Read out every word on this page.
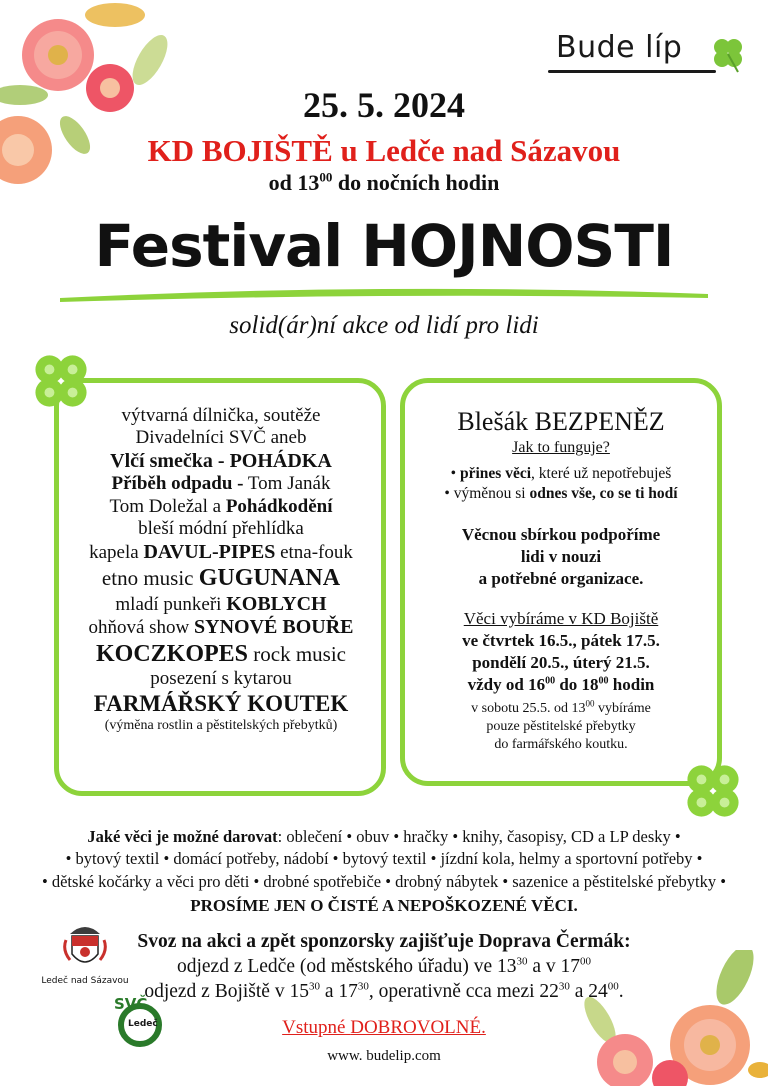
Bude líp
25. 5. 2024
KD BOJIŠTĚ u Ledče nad Sázavou
od $13^{00}$ do nočních hodin
Festival HOJNOSTI
solid(ár)ní akce od lidí pro lidi
výtvarná dílnička, soutěže
Divadelníci SVČ aneb
Vlčí smečka - POHÁDKA
Příběh odpadu - Tom Janák
Tom Doležal a Pohádkodění
bleší módní přehlídka
kapela DAVUL-PIPES etna-fouk
etno music GUGUNANA
mladí punkeři KOBLYCH
ohňová show SYNOVÉ BOUŘE
KOCZKOPES rock music
posezení s kytarou
FARMÁŘSKÝ KOUTEK
(výměna rostlin a pěstitelských přebytků)
Blešák BEZPENĚZ
Jak to funguje?
• přines věci, které už nepotřebuješ
• výměnou si odnes vše, co se ti hodí
Věcnou sbírkou podpoříme
lidi v nouzi
a potřebné organizace.
Věci vybíráme v KD Bojiště
ve čtvrtek 16.5., pátek 17.5.
pondělí 20.5., úterý 21.5.
vždy od $16^{00}$ do $18^{00}$ hodin
v sobotu 25.5. od $13^{00}$ vybíráme
pouze pěstitelské přebytky
do farmářského koutku.
Jaké věci je možné darovat: oblečení • obuv • hračky • knihy, časopisy, CD a LP desky •
• bytový textil • domácí potřeby, nádobí • bytový textil • jízdní kola, helmy a sportovní potřeby •
• dětské kočárky a věci pro děti • drobné spotřebiče • drobný nábytek • sazenice a pěstitelské přebytky •
PROSÍME JEN O ČISTÉ A NEPOŠKOZENÉ VĚCI.
Ledeč nad Sázavou
SVČ
Ledeč
Svoz na akci a zpět sponzorsky zajišťuje Doprava Čermák:
odjezd z Ledče (od městského úřadu) ve $13^{30}$ a v $17^{00}$
odjezd z Bojiště v $15^{30}$ a $17^{30}$, operativně cca mezi $22^{30}$ a $24^{00}$.
Vstupné DOBROVOLNÉ.
www. budelip.com
